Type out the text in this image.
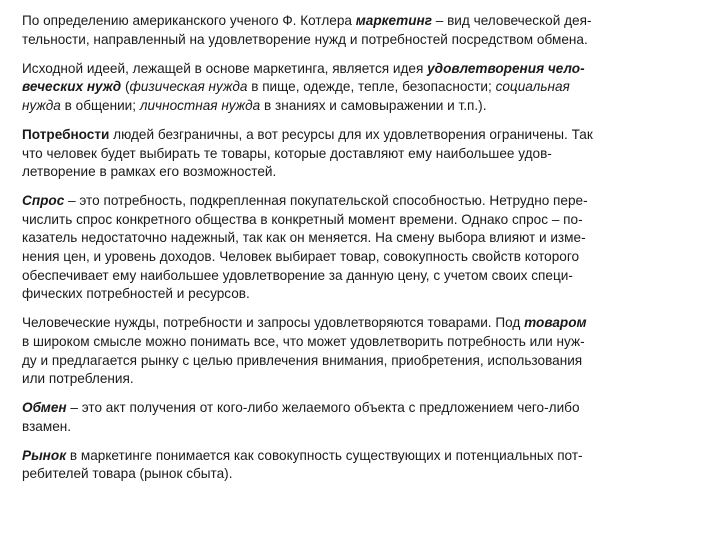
По определению американского ученого Ф. Котлера маркетинг – вид человеческой дея-
тельности, направленный на удовлетворение нужд и потребностей посредством обмена.

Исходной идеей, лежащей в основе маркетинга, является идея удовлетворения чело-
веческих нужд (физическая нужда в пище, одежде, тепле, безопасности; социальная
нужда в общении; личностная нужда в знаниях и самовыражении и т.п.).

Потребности людей безграничны, а вот ресурсы для их удовлетворения ограничены. Так
что человек будет выбирать те товары, которые доставляют ему наибольшее удов-
летворение в рамках его возможностей.

Спрос – это потребность, подкрепленная покупательской способностью. Нетрудно пере-
числить спрос конкретного общества в конкретный момент времени. Однако спрос – по-
казатель недостаточно надежный, так как он меняется. На смену выбора влияют и изме-
нения цен, и уровень доходов. Человек выбирает товар, совокупность свойств которого
обеспечивает ему наибольшее удовлетворение за данную цену, с учетом своих специ-
фических потребностей и ресурсов.

Человеческие нужды, потребности и запросы удовлетворяются товарами. Под товаром
в широком смысле можно понимать все, что может удовлетворить потребность или нуж-
ду и предлагается рынку с целью привлечения внимания, приобретения, использования
или потребления.

Обмен – это акт получения от кого-либо желаемого объекта с предложением чего-либо
взамен.

Рынок в маркетинге понимается как совокупность существующих и потенциальных пот-
ребителей товара (рынок сбыта).
